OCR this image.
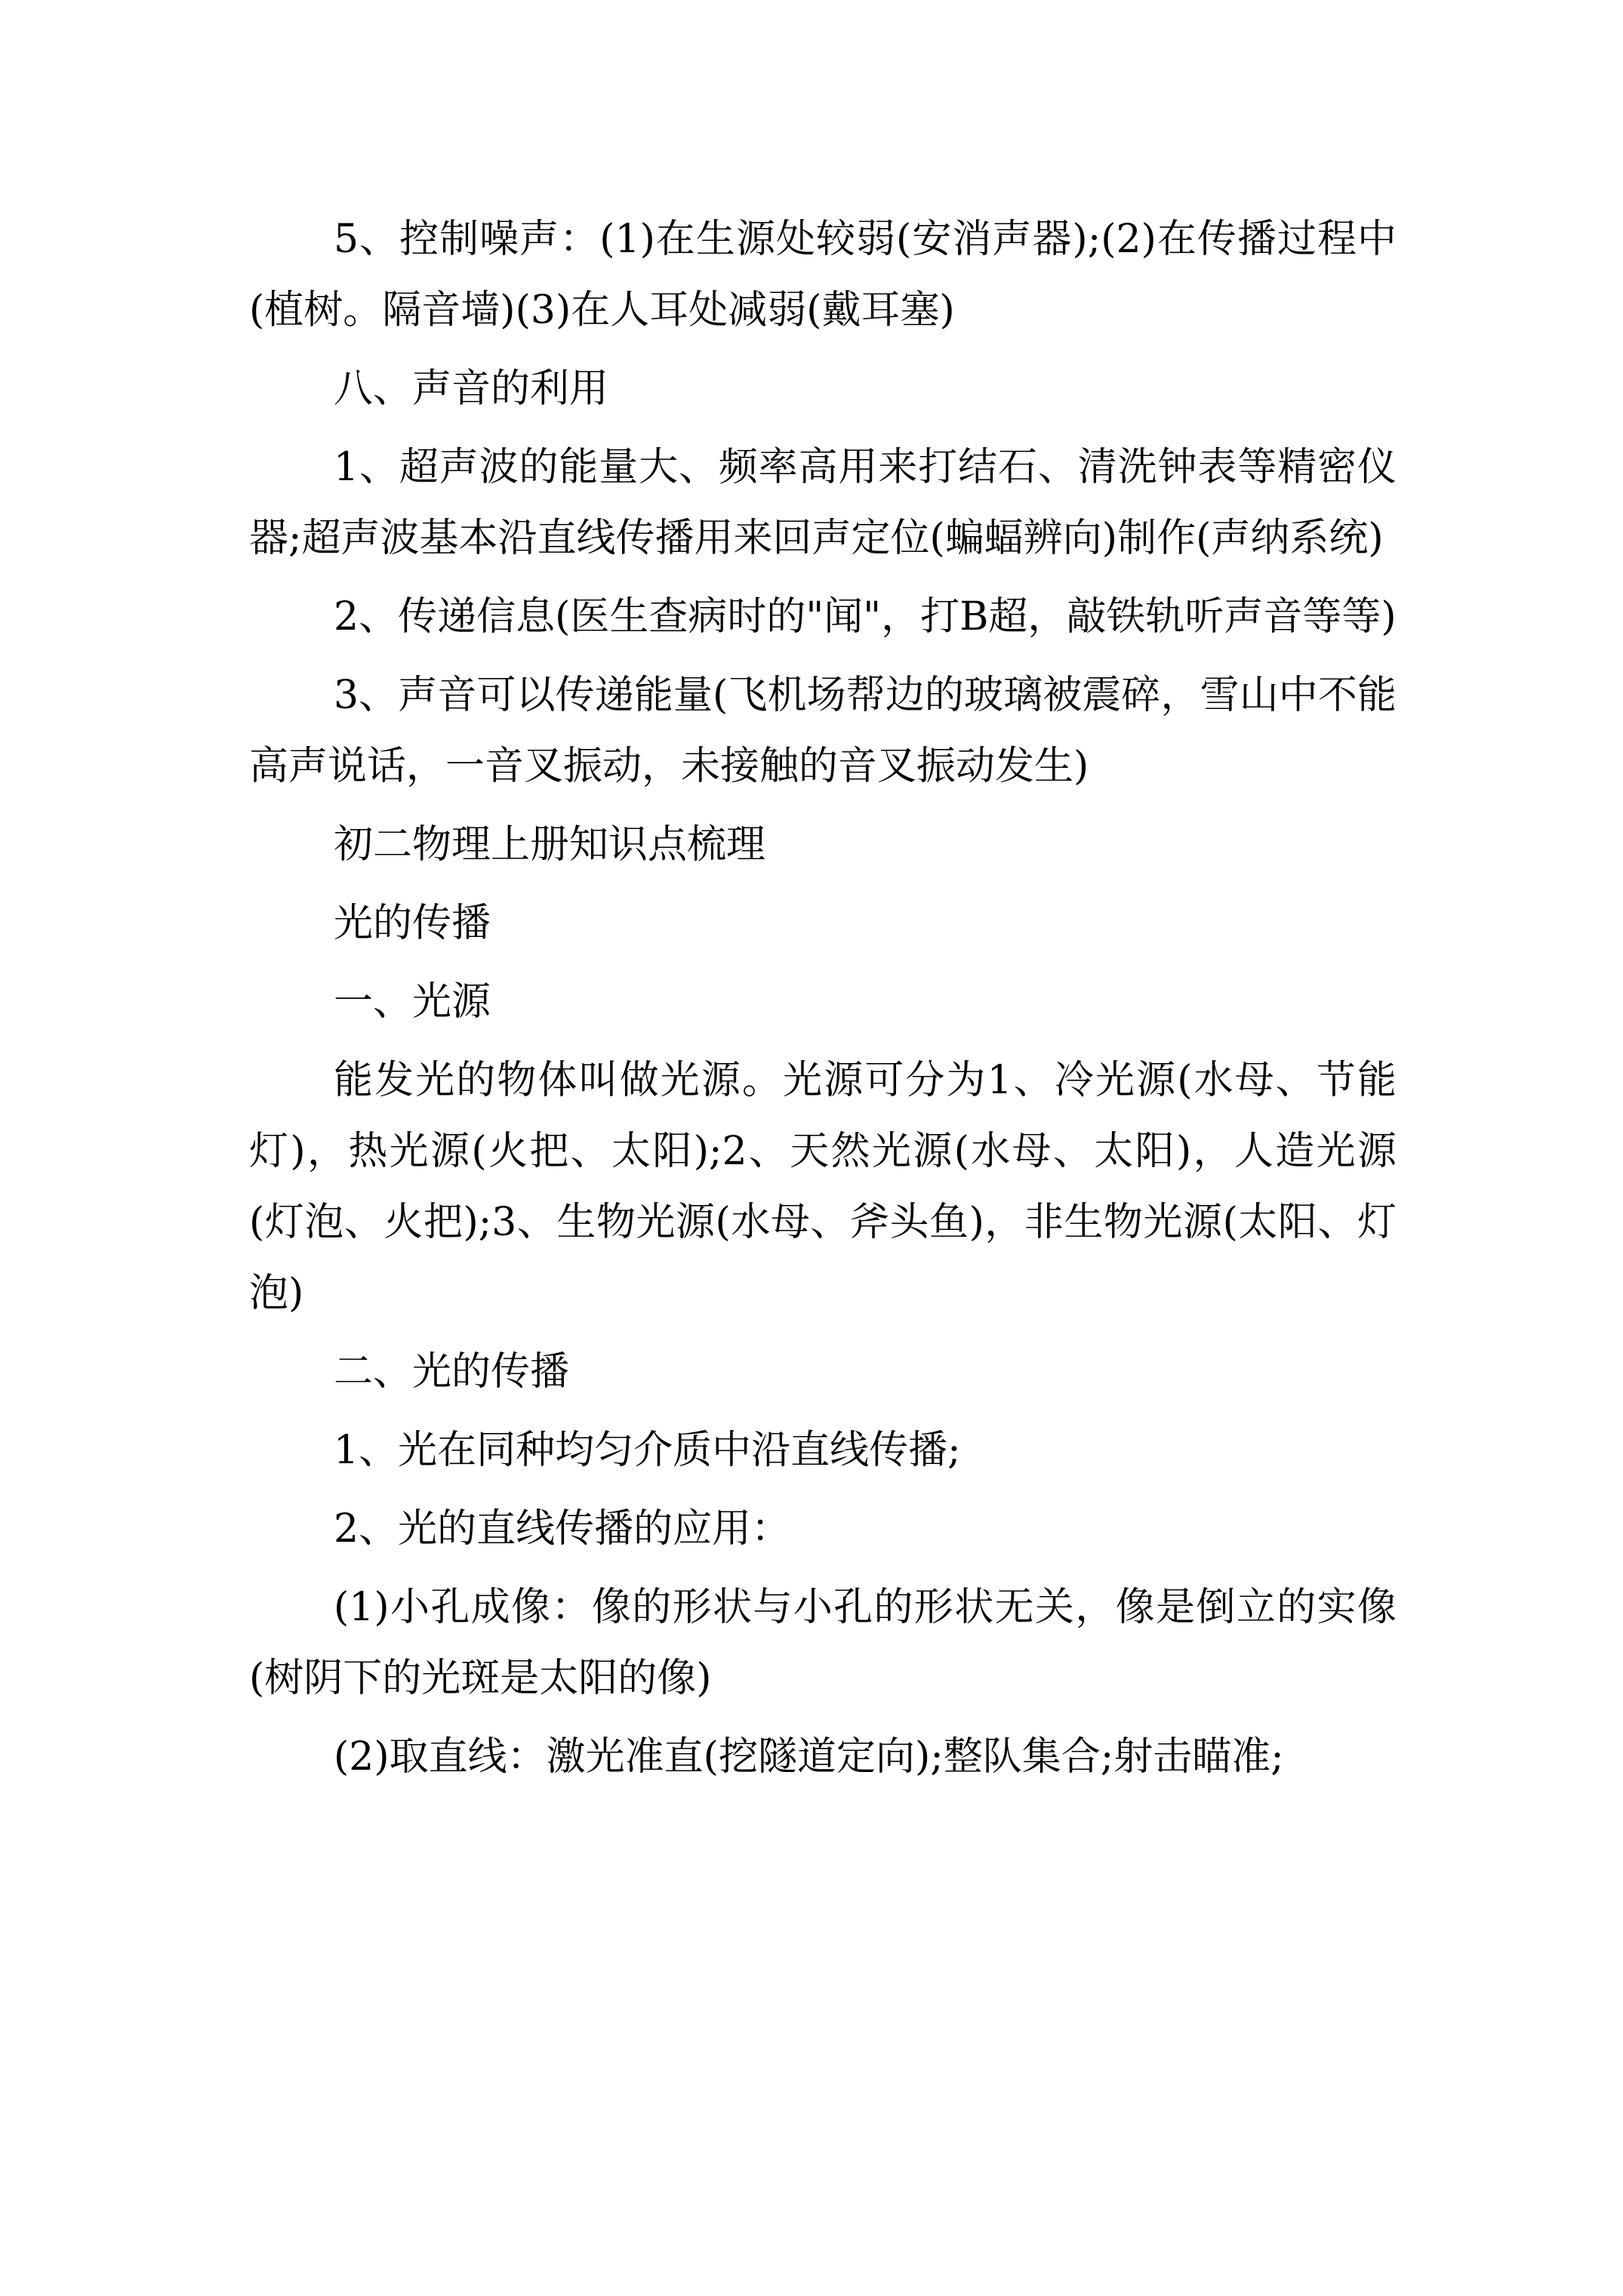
5、控制噪声：(1)在生源处较弱(安消声器);(2)在传播过程中(植树。隔音墙)(3)在人耳处减弱(戴耳塞)

八、声音的利用

1、超声波的能量大、频率高用来打结石、清洗钟表等精密仪器;超声波基本沿直线传播用来回声定位(蝙蝠辨向)制作(声纳系统)

2、传递信息(医生查病时的"闻"，打B超，敲铁轨听声音等等)

3、声音可以传递能量(飞机场帮边的玻璃被震碎，雪山中不能高声说话，一音叉振动，未接触的音叉振动发生)

初二物理上册知识点梳理

光的传播

一、光源

能发光的物体叫做光源。光源可分为1、冷光源(水母、节能灯)，热光源(火把、太阳);2、天然光源(水母、太阳)，人造光源(灯泡、火把);3、生物光源(水母、斧头鱼)，非生物光源(太阳、灯泡)

二、光的传播

1、光在同种均匀介质中沿直线传播;

2、光的直线传播的应用：

(1)小孔成像：像的形状与小孔的形状无关，像是倒立的实像(树阴下的光斑是太阳的像)

(2)取直线：激光准直(挖隧道定向);整队集合;射击瞄准;
